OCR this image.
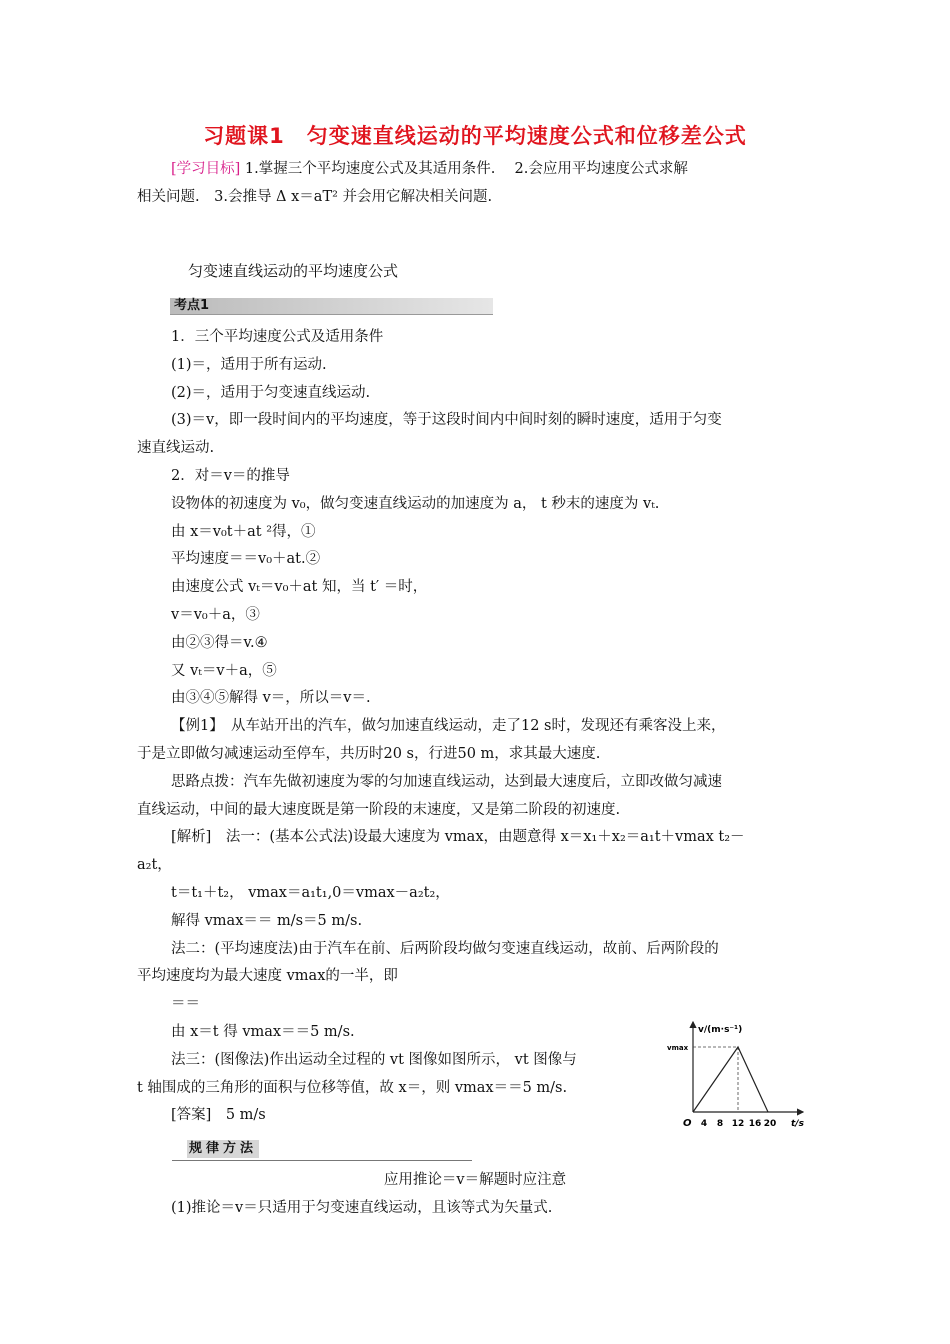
习题课1　匀变速直线运动的平均速度公式和位移差公式
[学习目标] 1.掌握三个平均速度公式及其适用条件.　 2.会应用平均速度公式求解
相关问题.　3.会推导 Δ x＝aT² 并会用它解决相关问题.
匀变速直线运动的平均速度公式
考点1

1．三个平均速度公式及适用条件

(1)＝，适用于所有运动.

(2)＝，适用于匀变速直线运动.

(3)＝v，即一段时间内的平均速度，等于这段时间内中间时刻的瞬时速度，适用于匀变

速直线运动.

2．对＝v＝的推导

设物体的初速度为 v₀，做匀变速直线运动的加速度为 a， t 秒末的速度为 vₜ.

由 x＝v₀t＋at ²得，①

平均速度＝＝v₀＋at.②

由速度公式 vₜ＝v₀＋at 知，当 t′ ＝时，

v＝v₀＋a，③

由②③得＝v.④

又 vₜ＝v＋a，⑤

由③④⑤解得 v＝，所以＝v＝.

【例1】　从车站开出的汽车，做匀加速直线运动，走了12 s时，发现还有乘客没上来，

于是立即做匀减速运动至停车，共历时20 s，行进50 m，求其最大速度.

思路点拨：汽车先做初速度为零的匀加速直线运动，达到最大速度后，立即改做匀减速

直线运动，中间的最大速度既是第一阶段的末速度，又是第二阶段的初速度.

[解析]　法一：(基本公式法)设最大速度为 vmax，由题意得 x＝x₁＋x₂＝a₁t＋vmax t₂－

a₂t，

t＝t₁＋t₂， vmax＝a₁t₁,0＝vmax－a₂t₂，

解得 vmax＝＝ m/s＝5 m/s.

法二：(平均速度法)由于汽车在前、后两阶段均做匀变速直线运动，故前、后两阶段的

平均速度均为最大速度 vmax的一半，即

＝＝

由 x＝t 得 vmax＝＝5 m/s.

法三：(图像法)作出运动全过程的 vt 图像如图所示， vt 图像与

t 轴围成的三角形的面积与位移等值，故 x＝，则 vmax＝＝5 m/s.

[答案]　5 m/s

v/(m·s⁻¹)
vmax
O 4 8 12 16 20 t/s
规律方法
应用推论＝v＝解题时应注意
(1)推论＝v＝只适用于匀变速直线运动，且该等式为矢量式.
